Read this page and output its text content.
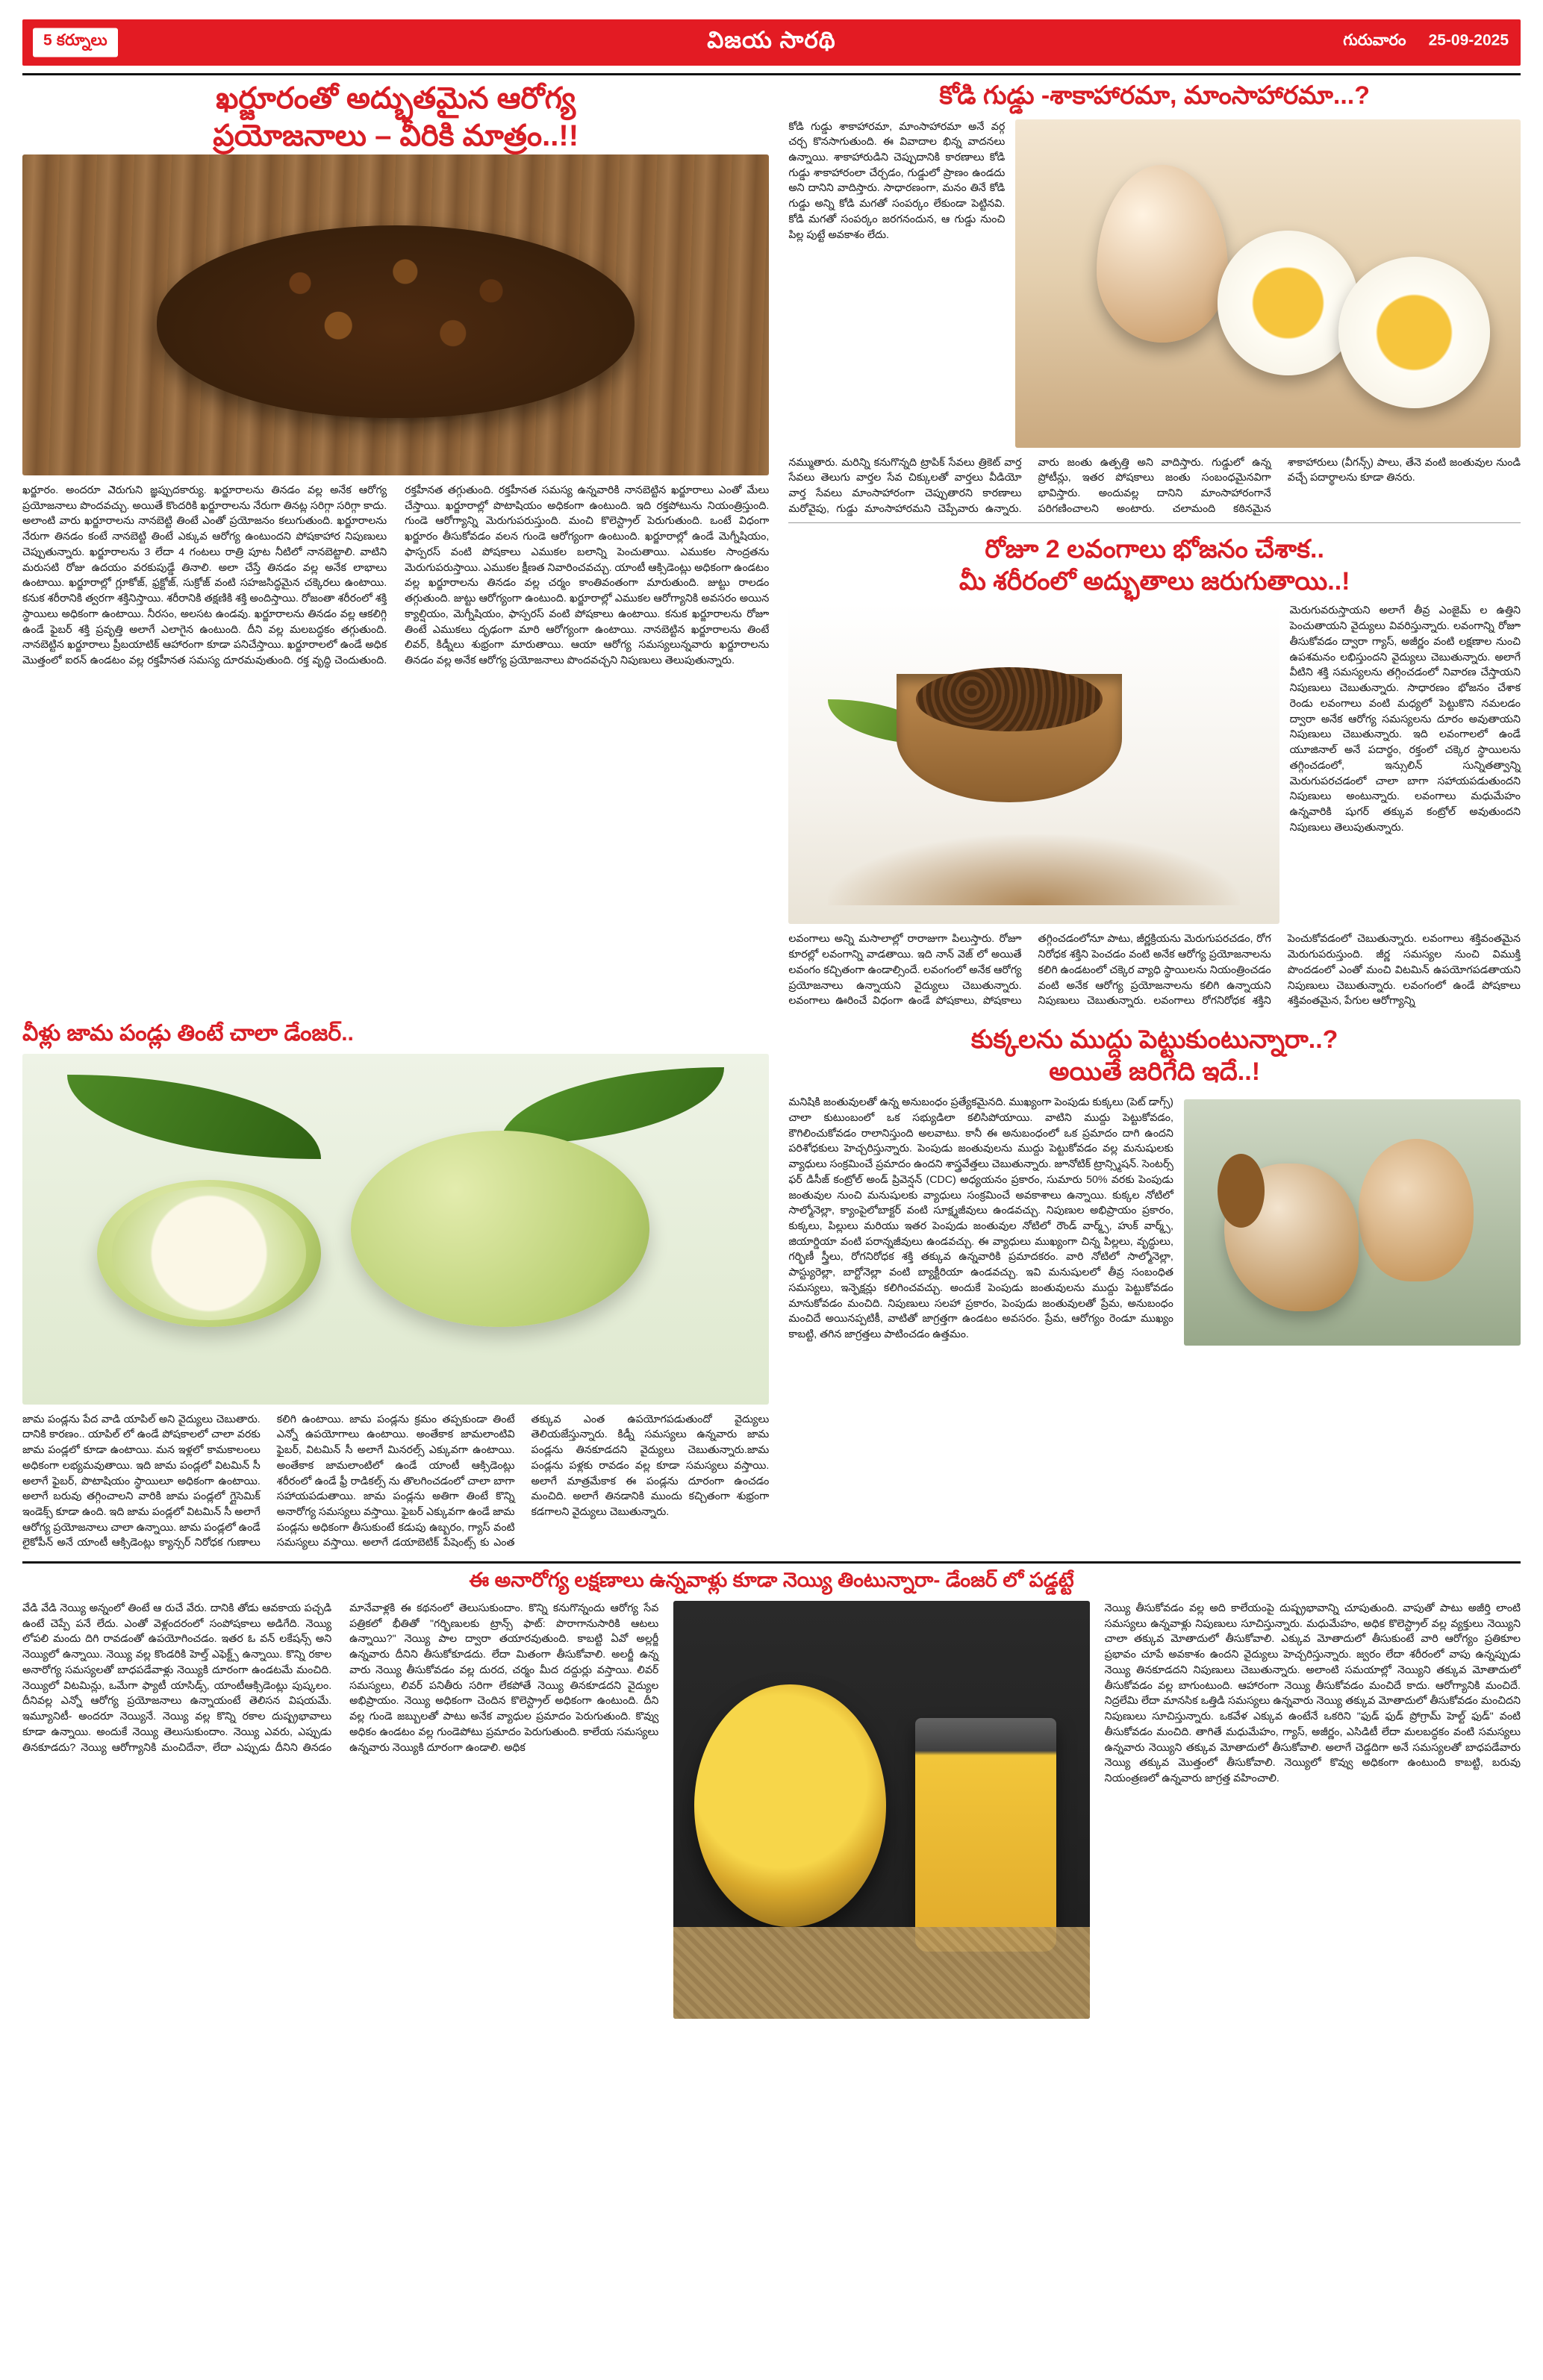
5 కర్నూలు	విజయ సారథి	గురువారం 25-09-2025
ఖర్జూరంతో అద్భుతమైన ఆరోగ్య
ప్రయోజనాలు – వీరికి మాత్రం..!!
ఖర్జూరం. అందరూ ఎెరుగుని జ్ఞప్పుదకార్యు. ఖర్జూరాలను తినడం వల్ల అనేక ఆరోగ్య ప్రయోజనాలు పొందవచ్చు. అయితే కొందరికి ఖర్జూరాలను నేరుగా తినట్ల సరిగ్గా సరిగ్గా కాదు. అలాంటి వారు ఖర్జూరాలను నానబెట్టి తింటే ఎంతో ప్రయోజనం కలుగుతుంది. ఖర్జూరాలను నేరుగా తినడం కంటే నానబెట్టి తింటే ఎక్కువ ఆరోగ్య ఉంటుందని పోషకాహార నిపుణులు చెప్పుతున్నారు. ఖర్జూరాలను 3 లేదా 4 గంటలు రాత్రి పూట నీటిలో నానబెట్టాలి. వాటిని మరుసటి రోజు ఉదయం వరకుపుడ్డే తినాలి. అలా చేస్తే తినడం వల్ల అనేక లాభాలు ఉంటాయి. ఖర్జూరాల్లో గ్లూకోజ్, ఫ్రక్టోజ్, సుక్రోజ్ వంటి సహజసిద్ధమైన చక్కెరలు ఉంటాయి. కనుక శరీరానికి త్వరగా శక్తినిస్తాయి. శరీరానికి తక్షణికి శక్తి అందిస్తాయి. రోజంతా శరీరంలో శక్తి స్థాయిలు అధికంగా ఉంటాయి. నీరసం, అలసట ఉండవు. ఖర్జూరాలను తినడం వల్ల ఆకలిగ్గి ఉండే ఫైబర్ శక్తి ప్రవృత్తి అలాగే ఎలాగైన ఉంటుంది. దీని వల్ల మలబద్ధకం తగ్గుతుంది. నానబెట్టిన ఖర్జూరాలు ప్రీబయాటిక్ ఆహారంగా కూడా పనిచేస్తాయి. ఖర్జూరాలలో ఉండే అధిక మొత్తంలో ఐరన్ ఉండటం వల్ల రక్తహీనత సమస్య దూరమవుతుంది. రక్త వృద్ధి చెందుతుంది. రక్తహీనత తగ్గుతుంది. రక్తహీనత సమస్య ఉన్నవారికి నానబెట్టిన ఖర్జూరాలు ఎంతో మేలు చేస్తాయి. ఖర్జూరాల్లో పొటాషియం అధికంగా ఉంటుంది. ఇది రక్తపోటును నియంత్రిస్తుంది. గుండె ఆరోగ్యాన్ని మెరుగుపరుస్తుంది. మంచి కొలెస్ట్రాల్ పెరుగుతుంది. ఒంటే విధంగా ఖర్జూరం తీసుకోవడం వలన గుండె ఆరోగ్యంగా ఉంటుంది. ఖర్జూరాల్లో ఉండే మెగ్నీషియం, ఫాస్పరస్ వంటి పోషకాలు ఎముకల బలాన్ని పెంచుతాయి. ఎముకల సాంద్రతను మెరుగుపరుస్తాయి. ఎముకల క్షీణత నివారించవచ్చు. యాంటీ ఆక్సిడెంట్లు అధికంగా ఉండటం వల్ల ఖర్జూరాలను తినడం వల్ల చర్మం కాంతివంతంగా మారుతుంది. జుట్టు రాలడం తగ్గుతుంది. జుట్టు ఆరోగ్యంగా ఉంటుంది. ఖర్జూరాల్లో ఎముకల ఆరోగ్యానికి అవసరం అయిన క్యాల్షియం, మెగ్నీషియం, ఫాస్పరస్ వంటి పోషకాలు ఉంటాయి. కనుక ఖర్జూరాలను రోజూ తింటే ఎముకలు దృఢంగా మారి ఆరోగ్యంగా ఉంటాయి. నానబెట్టిన ఖర్జూరాలను తింటే లివర్, కిడ్నీలు శుభ్రంగా మారుతాయి. ఆయా ఆరోగ్య సమస్యలున్నవారు ఖర్జూరాలను తినడం వల్ల అనేక ఆరోగ్య ప్రయోజనాలు పొందవచ్చని నిపుణులు తెలుపుతున్నారు.
కోడి గుడ్డు -శాకాహారమా, మాంసాహారమా...?
కోడి గుడ్డు శాకాహారమా, మాంసాహారమా అనే వర్గ చర్చ కొనసాగుతుంది. ఈ వివాదాల భిన్న వాదనలు ఉన్నాయి. శాకాహారుడిని చెప్పుదానికి కారణాలు కోడి గుడ్డు శాకాహారంలా చేర్చడం, గుడ్డులో ప్రాణం ఉండదు అని దానిని వాదిస్తారు. సాధారణంగా, మనం తినే కోడి గుడ్డు అన్ని కోడి మగతో సంపర్కం లేకుండా పెట్టినవి. కోడి మగతో సంపర్కం జరగనందున, ఆ గుడ్డు నుంచి పిల్ల పుట్టే అవకాశం లేదు.
నమ్ముతారు. మరిన్ని కనుగొన్నది ట్రాపిక్ సేవలు త్రికెట్ వార్త సేవలు తెలుగు వార్తల సేవ చిక్కులతో వార్తలు వీడియో వార్త సేవలు మాంసాహారంగా చెప్పుతారని కారణాలు మరోవైపు, గుడ్డు మాంసాహారమని చెప్పేవారు ఉన్నారు. వారు జంతు ఉత్పత్తి అని వాదిస్తారు. గుడ్డులో ఉన్న ప్రోటీన్లు, ఇతర పోషకాలు జంతు సంబంధమైనవిగా భావిస్తారు. అందువల్ల దానిని మాంసాహారంగానే పరిగణించాలని అంటారు. చలామంది కఠినమైన శాకాహారులు (వీగన్స్) పాలు, తేనె వంటి జంతువుల నుండి వచ్చే పదార్థాలను కూడా తినరు.
రోజూ 2 లవంగాలు భోజనం చేశాక..
మీ శరీరంలో అద్భుతాలు జరుగుతాయి..!
మెరుగువరుస్తాయని అలాగే తీవ్ర ఎంజైమ్ ల ఉత్తిని పెంచుతాయని వైద్యులు వివరిస్తున్నారు. లవంగాన్ని రోజూ తీసుకోవడం ద్వారా గ్యాస్, అజీర్ణం వంటి లక్షణాల నుంచి ఉపశమనం లభిస్తుందని వైద్యులు చెబుతున్నారు. అలాగే వీటిని శక్తి సమస్యలను తగ్గించడంలో నివారణ చేస్తాయని నిపుణులు చెబుతున్నారు. సాధారణం భోజనం చేశాక రెండు లవంగాలు వంటి మధ్యలో పెట్టుకొని నమలడం ద్వారా అనేక ఆరోగ్య సమస్యలను దూరం అవుతాయని నిపుణులు చెబుతున్నారు. ఇది లవంగాలలో ఉండే యూజినాల్ అనే పదార్థం, రక్తంలో చక్కెర స్థాయిలను తగ్గించడంలో, ఇన్సులిన్ సున్నితత్వాన్ని మెరుగుపరచడంలో చాలా బాగా సహాయపడుతుందని నిపుణులు అంటున్నారు. లవంగాలు మధుమేహం ఉన్నవారికి షుగర్ తక్కువ కంట్రోల్ అవుతుందని నిపుణులు తెలుపుతున్నారు.
లవంగాలు అన్ని మసాలాల్లో రారాజుగా పిలుస్తారు. రోజూ కూరల్లో లవంగాన్ని వాడతాయి. ఇది నాన్ వెజ్ లో అయితే లవంగం కచ్చితంగా ఉండాల్సిందే. లవంగంలో అనేక ఆరోగ్య ప్రయోజనాలు ఉన్నాయని వైద్యులు చెబుతున్నారు. లవంగాలు ఊరించే విధంగా ఉండే పోషకాలు, పోషకాలు తగ్గించడంలోనూ పాటు, జీర్ణక్రియను మెరుగుపరచడం, రోగ నిరోధక శక్తిని పెంచడం వంటి అనేక ఆరోగ్య ప్రయోజనాలను కలిగి ఉండటంలో చక్కెర వ్యాధి స్థాయిలను నియంత్రించడం వంటి అనేక ఆరోగ్య ప్రయోజనాలను కలిగి ఉన్నాయని నిపుణులు చెబుతున్నారు. లవంగాలు రోగనిరోధక శక్తిని పెంచుకోవడంలో చెబుతున్నారు. లవంగాలు శక్తివంతమైన మెరుగుపరుస్తుంది. జీర్ణ సమస్యల నుంచి విముక్తి పొందడంలో ఎంతో మంచి విటమిన్ ఉపయోగపడతాయని నిపుణులు చెబుతున్నారు. లవంగంలో ఉండే పోషకాలు శక్తివంతమైన, పేగుల ఆరోగ్యాన్ని
వీళ్లు జామ పండ్లు తింటే చాలా డేంజర్..
జామ పండ్లను పేద వాడి యాపిల్ అని వైద్యులు చెబుతారు. దానికి కారణం.. యాపిల్ లో ఉండే పోషకాలలో చాలా వరకు జామ పండ్లలో కూడా ఉంటాయి. మన ఇళ్లలో కామకాలంలు అధికంగా లభ్యమవుతాయి. ఇది జామ పండ్లలో విటమిన్ సీ అలాగే ఫైబర్, పొటాషియం స్థాయిలూ అధికంగా ఉంటాయి. అలాగే బరువు తగ్గించాలని వారికి జామ పండ్లలో గ్లైసెమిక్ ఇండెక్స్ కూడా ఉంది. ఇది జామ పండ్లలో విటమిన్ సీ అలాగే ఆరోగ్య ప్రయోజనాలు చాలా ఉన్నాయి. జామ పండ్లలో ఉండే లైకోపీన్ అనే యాంటీ ఆక్సిడెంట్లు క్యాన్సర్ నిరోధక గుణాలు కలిగి ఉంటాయి. జామ పండ్లను క్రమం తప్పకుండా తింటే ఎన్నో ఉపయోగాలు ఉంటాయి. అంతేకాక జామలాంటివి ఫైబర్, విటమిన్ సీ అలాగే మినరల్స్ ఎక్కువగా ఉంటాయి. అంతేకాక జామలాంటిలో ఉండే యాంటీ ఆక్సిడెంట్లు శరీరంలో ఉండే ఫ్రీ రాడికల్స్ ను తొలగించడంలో చాలా బాగా సహాయపడుతాయి. జామ పండ్లను అతిగా తింటే కొన్ని అనారోగ్య సమస్యలు వస్తాయి. ఫైబర్ ఎక్కువగా ఉండే జామ పండ్లను అధికంగా తీసుకుంటే కడుపు ఉబ్బరం, గ్యాస్ వంటి సమస్యలు వస్తాయి. అలాగే డయాబెటిక్ పేషెంట్స్ కు ఎంత తక్కువ ఎంత ఉపయోగపడుతుందో వైద్యులు తెలియజేస్తున్నారు. కిడ్నీ సమస్యలు ఉన్నవారు జామ పండ్లను తినకూడదని వైద్యులు చెబుతున్నారు.జామ పండ్లను పళ్లకు రావడం వల్ల కూడా సమస్యలు వస్తాయి. అలాగే మాత్రమేకాక ఈ పండ్లను దూరంగా ఉంచడం మంచిది. అలాగే తినడానికి ముందు కచ్చితంగా శుభ్రంగా కడగాలని వైద్యులు చెబుతున్నారు.
కుక్కలను ముద్దు పెట్టుకుంటున్నారా..?
అయితే జరిగేది ఇదే..!
మనిషికి జంతువులతో ఉన్న అనుబంధం ప్రత్యేకమైనది. ముఖ్యంగా పెంపుడు కుక్కలు (పెట్ డాగ్స్) చాలా కుటుంబంలో ఒక సభ్యుడిలా కలిసిపోయాయి. వాటిని ముద్దు పెట్టుకోవడం, కౌగిలించుకోవడం రాలానిస్తుంది అలవాటు. కానీ ఈ అనుబంధంలో ఒక ప్రమాదం దాగి ఉందని పరిశోధకులు హెచ్చరిస్తున్నారు. పెంపుడు జంతువులను ముద్దు పెట్టుకోవడం వల్ల మనుషులకు వ్యాధులు సంక్రమించే ప్రమాదం ఉందని శాస్త్రవేత్తలు చెబుతున్నారు. జూనోటిక్ ట్రాన్స్మిషన్. సెంటర్స్ ఫర్ డిసీజ్ కంట్రోల్ అండ్ ప్రివెన్షన్ (CDC) అధ్యయనం ప్రకారం, సుమారు 50% వరకు పెంపుడు జంతువుల నుంచి మనుషులకు వ్యాధులు సంక్రమించే అవకాశాలు ఉన్నాయి. కుక్కల నోటిలో సాల్మోనెల్లా, క్యాంపైలోబాక్టర్ వంటి సూక్ష్మజీవులు ఉండవచ్చు. నిపుణుల అభిప్రాయం ప్రకారం, కుక్కలు, పిల్లులు మరియు ఇతర పెంపుడు జంతువుల నోటిలో రౌండ్ వార్మ్స్, హుక్ వార్మ్స్, జియార్డియా వంటి పరాన్నజీవులు ఉండవచ్చు. ఈ వ్యాధులు ముఖ్యంగా చిన్న పిల్లలు, వృద్ధులు, గర్భిణీ స్త్రీలు, రోగనిరోధక శక్తి తక్కువ ఉన్నవారికి ప్రమాదకరం. వారి నోటిలో సాల్మోనెల్లా, పాస్ట్యురెల్లా, బార్టోనెల్లా వంటి బ్యాక్టీరియా ఉండవచ్చు. ఇవి మనుషులలో తీవ్ర సంబంధిత సమస్యలు, ఇన్ఫెక్షన్లు కలిగించవచ్చు. అందుకే పెంపుడు జంతువులను ముద్దు పెట్టుకోవడం మానుకోవడం మంచిది. నిపుణులు సలహా ప్రకారం, పెంపుడు జంతువులతో ప్రేమ, అనుబంధం మంచిదే అయినప్పటికీ, వాటితో జాగ్రత్తగా ఉండటం అవసరం. ప్రేమ, ఆరోగ్యం రెండూ ముఖ్యం కాబట్టి, తగిన జాగ్రత్తలు పాటించడం ఉత్తమం.
ఈ అనారోగ్య లక్షణాలు ఉన్నవాళ్లు కూడా నెయ్యి తింటున్నారా- డేంజర్ లో పడ్డట్టే
వేడి వేడి నెయ్యి అన్నంలో తింటే ఆ రుచే వేరు. దానికి తోడు ఆవకాయ పచ్చడి ఉంటే చెప్పే పనే లేదు. ఎంతో వెళ్లందరంలో సంపోషకాలు అడిగేది. నెయ్యి లోపలి మందు దిగి రావడంతో ఉపయోగించడం. ఇతర ఓ వన్ లకేషన్స్ అని నెయ్యిలో ఉన్నాయి. నెయ్యి వల్ల కొండరికి హెల్త్ ఎఫెక్ట్స్ ఉన్నాయి. కొన్ని రకాల అనారోగ్య సమస్యలతో బాధపడేవాళ్లు నెయ్యికి దూరంగా ఉండటమే మంచిది. నెయ్యిలో విటమిన్లు, ఒమేగా ఫ్యాటీ యాసిడ్స్, యాంటీఆక్సిడెంట్లు పుష్కలం. దీనివల్ల ఎన్నో ఆరోగ్య ప్రయోజనాలు ఉన్నాయంటే తెలిసన విషయమే. ఇమ్యూనిటీ- అందరూ నెయ్యినే. నెయ్యి వల్ల కొన్ని రకాల దుష్ప్రభావాలు కూడా ఉన్నాయి. అందుకే నెయ్యి తెలుసుకుందాం. నెయ్యి ఎవరు, ఎప్పుడు తినకూడదు? నెయ్యి ఆరోగ్యానికి మంచిదేనా, లేదా ఎప్పుడు దీనిని తినడం మానేవాళ్లకి ఈ కథనంలో తెలుసుకుందాం. కొన్ని కనుగొన్నందు ఆరోగ్య సేవ పత్రికలో భీతితో "గర్భిణులకు ట్రాన్స్ ఫాట్: పొరాగానుసారికి ఆటలు ఉన్నాయి?" నెయ్యి పాల ద్వారా తయారవుతుంది. కాబట్టి ఏవో అల్లర్జీ ఉన్నవారు దీనిని తీసుకోకూడదు. లేదా మితంగా తీసుకోవాలి. అలర్జీ ఉన్న వారు నెయ్యి తీసుకోవడం వల్ల దురద, చర్మం మీద దద్దుర్లు వస్తాయి. లివర్ సమస్యలు, లివర్ పనితీరు సరిగా లేకపోతే నెయ్యి తినకూడదని వైద్యుల అభిప్రాయం. నెయ్యి అధికంగా చెందిన కొలెస్ట్రాల్ అధికంగా ఉంటుంది. దీని వల్ల గుండె జబ్బులతో పాటు అనేక వ్యాధుల ప్రమాదం పెరుగుతుంది. కొవ్వు అధికం ఉండటం వల్ల గుండెపోటు ప్రమాదం పెరుగుతుంది. కాలేయ సమస్యలు ఉన్నవారు నెయ్యికి దూరంగా ఉండాలి. అధిక
నెయ్యి తీసుకోవడం వల్ల అది కాలేయంపై దుష్ప్రభావాన్ని చూపుతుంది. వాపుతో పాటు అజీర్తి లాంటి సమస్యలు ఉన్నవాళ్లు నిపుణులు సూచిస్తున్నారు. మధుమేహం, అధిక కొలెస్ట్రాల్ వల్ల వ్యక్తులు నెయ్యిని చాలా తక్కువ మోతాదులో తీసుకోవాలి. ఎక్కువ మోతాదులో తీసుకుంటే వారి ఆరోగ్యం ప్రతికూల ప్రభావం చూపే అవకాశం ఉందని వైద్యులు హెచ్చరిస్తున్నారు. జ్వరం లేదా శరీరంలో వాపు ఉన్నప్పుడు నెయ్యి తినకూడదని నిపుణులు చెబుతున్నారు. అలాంటి సమయాల్లో నెయ్యిని తక్కువ మోతాదులో తీసుకోవడం వల్ల బాగుంటుంది. ఆహారంగా నెయ్యి తీసుకోవడం మంచిదే కాదు. ఆరోగ్యానికి మంచిదే. నిద్రలేమి లేదా మానసిక ఒత్తిడి సమస్యలు ఉన్నవారు నెయ్యి తక్కువ మోతాదులో తీసుకోవడం మంచిదని నిపుణులు సూచిస్తున్నారు. ఒకవేళ ఎక్కువ ఉంటేనే ఒకరిని "ఫుడ్ ఫుడ్ ప్రోగ్రామ్ హెల్ట్ ఫుడ్" వంటి తీసుకోవడం మంచిది. తాగితే మధుమేహం, గ్యాస్, అజీర్ణం, ఎసిడిటీ లేదా మలబద్ధకం వంటి సమస్యలు ఉన్నవారు నెయ్యిని తక్కువ మోతాదులో తీసుకోవాలి. అలాగే చెడ్డదిగా అనే సమస్యలతో బాధపడేవారు నెయ్యి తక్కువ మొత్తంలో తీసుకోవాలి. నెయ్యిలో కొవ్వు అధికంగా ఉంటుంది కాబట్టి, బరువు నియంత్రణలో ఉన్నవారు జాగ్రత్త వహించాలి.
